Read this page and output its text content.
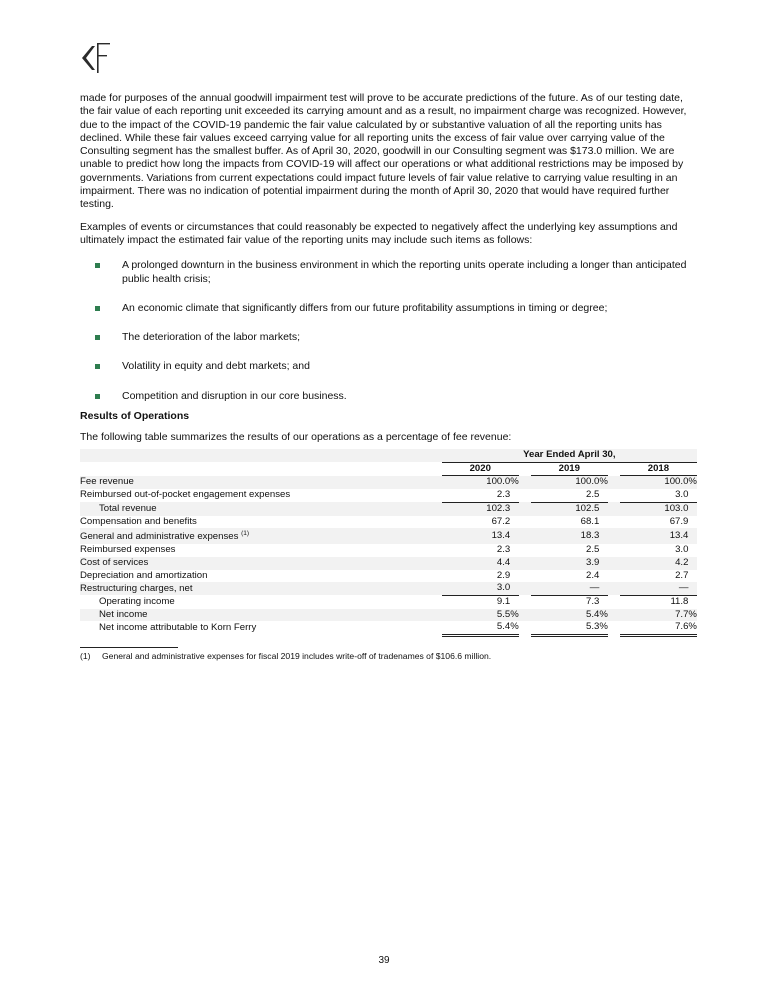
made for purposes of the annual goodwill impairment test will prove to be accurate predictions of the future. As of our testing date, the fair value of each reporting unit exceeded its carrying amount and as a result, no impairment charge was recognized. However, due to the impact of the COVID-19 pandemic the fair value calculated by or substantive valuation of all the reporting units has declined. While these fair values exceed carrying value for all reporting units the excess of fair value over carrying value of the Consulting segment has the smallest buffer. As of April 30, 2020, goodwill in our Consulting segment was $173.0 million. We are unable to predict how long the impacts from COVID-19 will affect our operations or what additional restrictions may be imposed by governments. Variations from current expectations could impact future levels of fair value relative to carrying value resulting in an impairment. There was no indication of potential impairment during the month of April 30, 2020 that would have required further testing.

Examples of events or circumstances that could reasonably be expected to negatively affect the underlying key assumptions and ultimately impact the estimated fair value of the reporting units may include such items as follows:

A prolonged downturn in the business environment in which the reporting units operate including a longer than anticipated public health crisis;
An economic climate that significantly differs from our future profitability assumptions in timing or degree;
The deterioration of the labor markets;
Volatility in equity and debt markets; and
Competition and disruption in our core business.
Results of Operations

The following table summarizes the results of our operations as a percentage of fee revenue:

		Year Ended April 30,							
		2020			2019			2018	
Fee revenue		100.0	%		100.0	%		100.0	%
Reimbursed out-of-pocket engagement expenses		2.3			2.5			3.0	
Total revenue		102.3			102.5			103.0	
Compensation and benefits		67.2			68.1			67.9	
General and administrative expenses $^{(1)}$		13.4			18.3			13.4	
Reimbursed expenses		2.3			2.5			3.0	
Cost of services		4.4			3.9			4.2	
Depreciation and amortization		2.9			2.4			2.7	
Restructuring charges, net		3.0			—			—	
Operating income		9.1			7.3			11.8	
Net income		5.5	%		5.4	%		7.7	%
Net income attributable to Korn Ferry		5.4	%		5.3	%		7.6	%
(1) General and administrative expenses for fiscal 2019 includes write-off of tradenames of $106.6 million.
39
